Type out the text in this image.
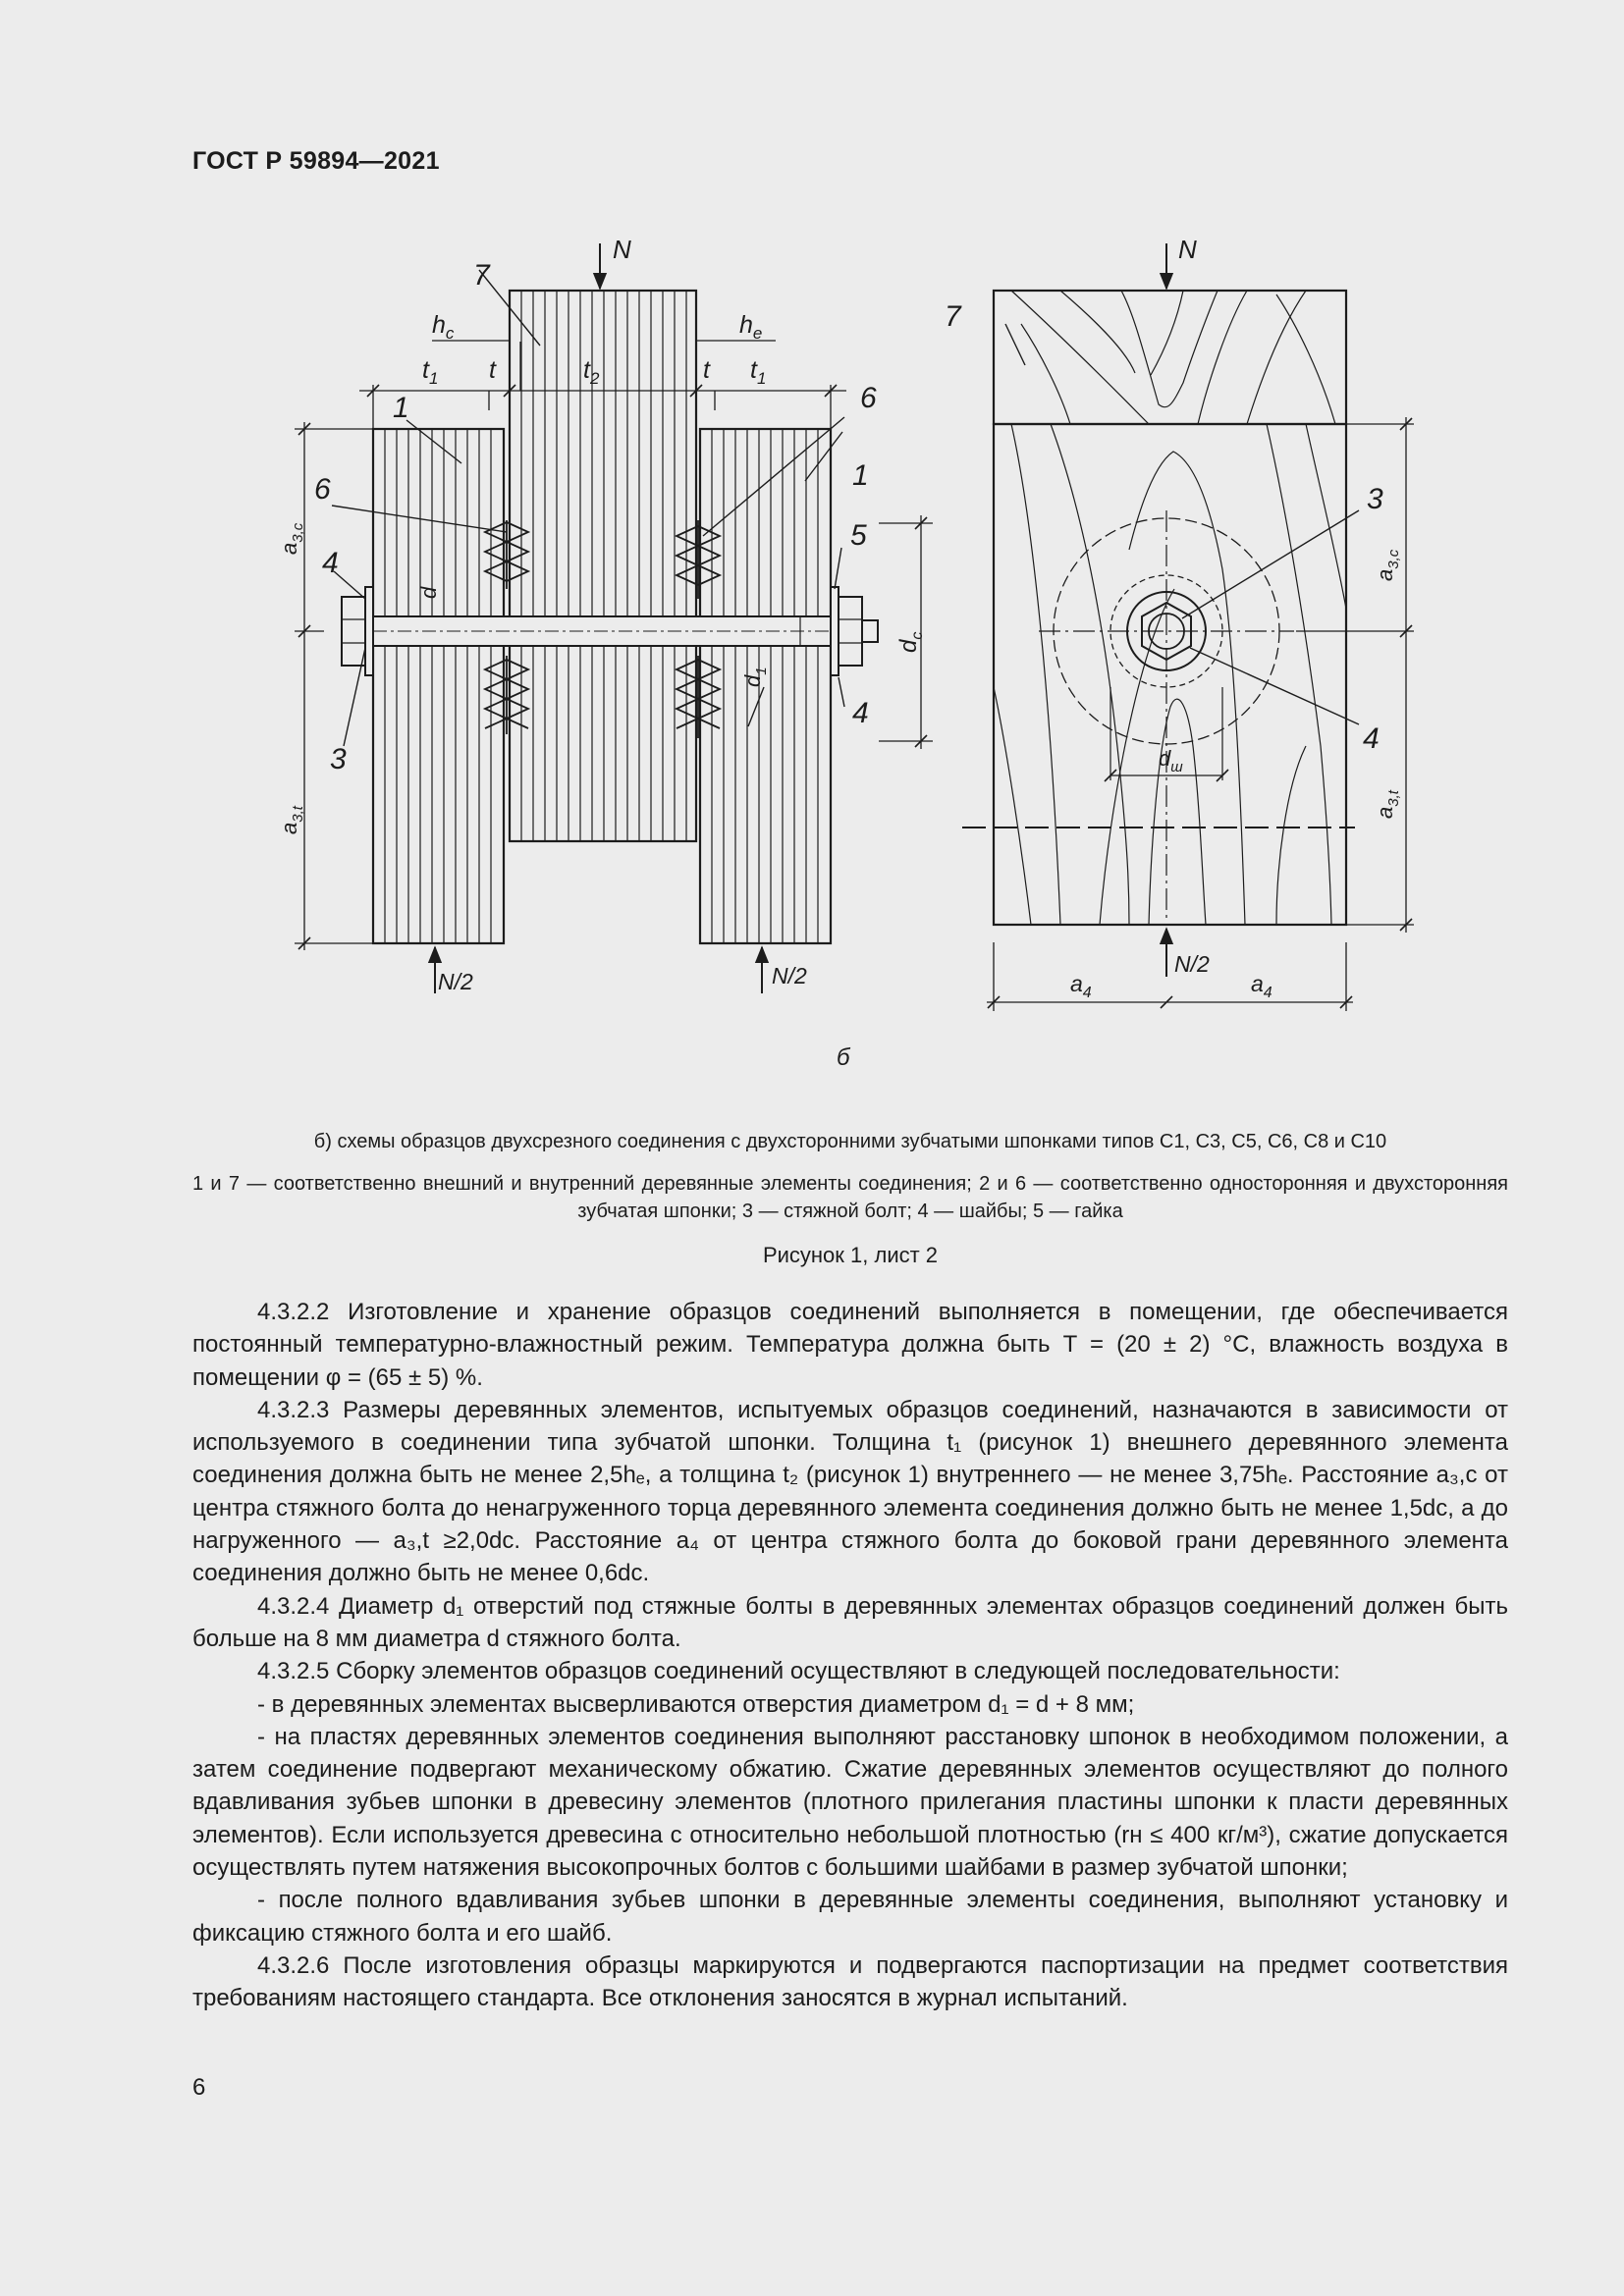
ГОСТ Р 59894—2021
N
7
$h_с$	$h_е$
$t_1$ t	$t_2$	t $t_1$
1	6
6	1
5
4
4
3
N/2	N/2
$a_{3,с}$
$a_{3,t}$
d
$d_1$
$d_с$
N
7
3
4
$d_ш$
N/2
$a_{3,с}$
$a_{3,t}$
$a_4$	$a_4$
б
б) схемы образцов двухсрезного соединения с двухсторонними зубчатыми шпонками типов С1, С3, С5, С6, С8 и С10
1 и 7 — соответственно внешний и внутренний деревянные элементы соединения; 2 и 6 — соответственно односторонняя и двухсторонняя зубчатая шпонки; 3 — стяжной болт; 4 — шайбы; 5 — гайка
Рисунок 1, лист 2

4.3.2.2 Изготовление и хранение образцов соединений выполняется в помещении, где обеспечивается постоянный температурно-влажностный режим. Температура должна быть T = (20 ± 2) °С, влажность воздуха в помещении φ = (65 ± 5) %.

4.3.2.3 Размеры деревянных элементов, испытуемых образцов соединений, назначаются в зависимости от используемого в соединении типа зубчатой шпонки. Толщина t₁ (рисунок 1) внешнего деревянного элемента соединения должна быть не менее 2,5hₑ, а толщина t₂ (рисунок 1) внутреннего — не менее 3,75hₑ. Расстояние a₃,c от центра стяжного болта до ненагруженного торца деревянного элемента соединения должно быть не менее 1,5dc, а до нагруженного — a₃,t ≥2,0dc. Расстояние a₄ от центра стяжного болта до боковой грани деревянного элемента соединения должно быть не менее 0,6dc.

4.3.2.4 Диаметр d₁ отверстий под стяжные болты в деревянных элементах образцов соединений должен быть больше на 8 мм диаметра d стяжного болта.

4.3.2.5 Сборку элементов образцов соединений осуществляют в следующей последовательности:

- в деревянных элементах высверливаются отверстия диаметром d₁ = d + 8 мм;

- на пластях деревянных элементов соединения выполняют расстановку шпонок в необходимом положении, а затем соединение подвергают механическому обжатию. Сжатие деревянных элементов осуществляют до полного вдавливания зубьев шпонки в древесину элементов (плотного прилегания пластины шпонки к пласти деревянных элементов). Если используется древесина с относительно небольшой плотностью (rн ≤ 400 кг/м³), сжатие допускается осуществлять путем натяжения высокопрочных болтов с большими шайбами в размер зубчатой шпонки;

- после полного вдавливания зубьев шпонки в деревянные элементы соединения, выполняют установку и фиксацию стяжного болта и его шайб.

4.3.2.6 После изготовления образцы маркируются и подвергаются паспортизации на предмет соответствия требованиям настоящего стандарта. Все отклонения заносятся в журнал испытаний.

6
